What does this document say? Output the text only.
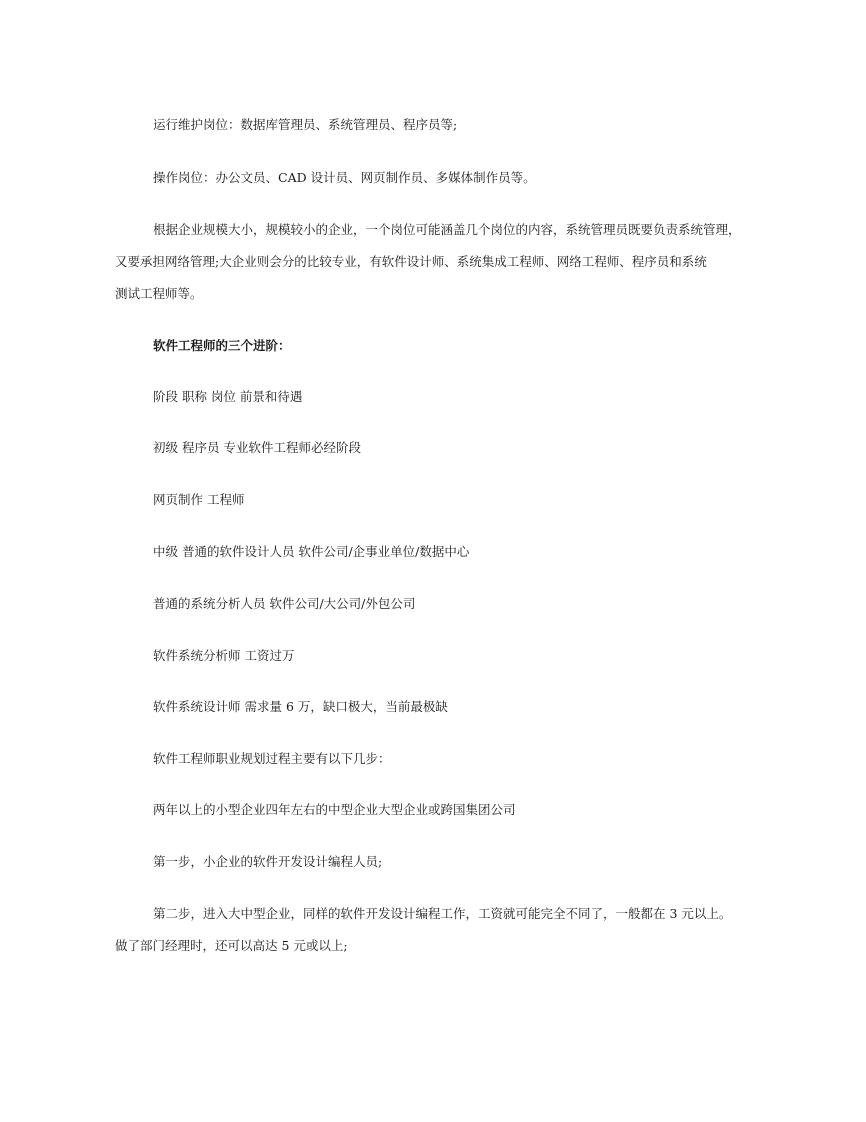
运行维护岗位：数据库管理员、系统管理员、程序员等;
操作岗位：办公文员、CAD 设计员、网页制作员、多媒体制作员等。
根据企业规模大小，规模较小的企业，一个岗位可能涵盖几个岗位的内容，系统管理员既要负责系统管理，
又要承担网络管理;大企业则会分的比较专业，有软件设计师、系统集成工程师、网络工程师、程序员和系统
测试工程师等。
软件工程师的三个进阶：
阶段 职称 岗位 前景和待遇
初级 程序员 专业软件工程师必经阶段
网页制作 工程师
中级 普通的软件设计人员 软件公司/企事业单位/数据中心
普通的系统分析人员 软件公司/大公司/外包公司
软件系统分析师 工资过万
软件系统设计师 需求量 6 万，缺口极大，当前最极缺
软件工程师职业规划过程主要有以下几步：
两年以上的小型企业四年左右的中型企业大型企业或跨国集团公司
第一步，小企业的软件开发设计编程人员;
第二步，进入大中型企业，同样的软件开发设计编程工作，工资就可能完全不同了，一般都在 3 元以上。
做了部门经理时，还可以高达 5 元或以上;
